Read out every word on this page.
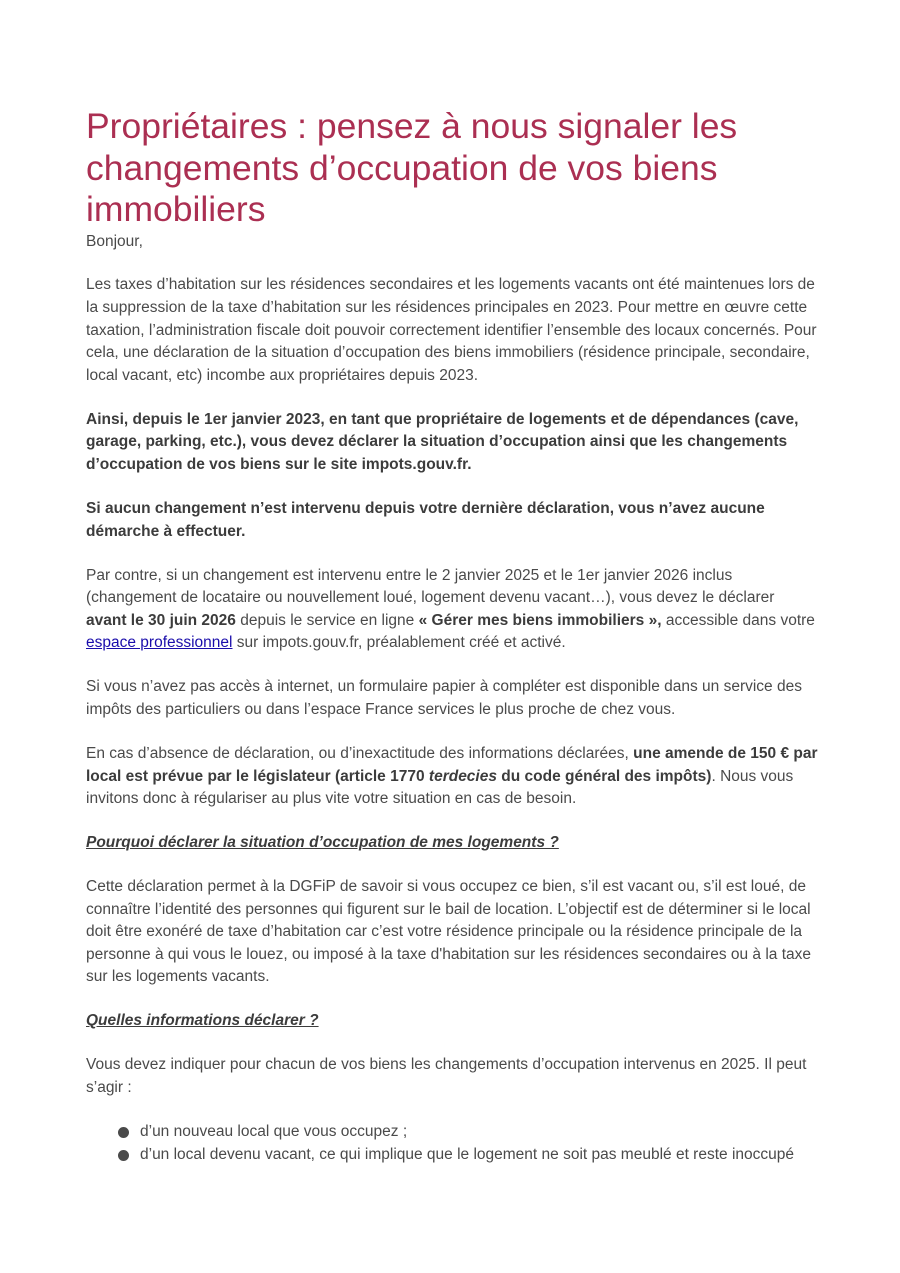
Propriétaires : pensez à nous signaler les changements d’occupation de vos biens immobiliers

Bonjour,

Les taxes d’habitation sur les résidences secondaires et les logements vacants ont été maintenues lors de la suppression de la taxe d’habitation sur les résidences principales en 2023. Pour mettre en œuvre cette taxation, l’administration fiscale doit pouvoir correctement identifier l’ensemble des locaux concernés. Pour cela, une déclaration de la situation d’occupation des biens immobiliers (résidence principale, secondaire, local vacant, etc) incombe aux propriétaires depuis 2023.

Ainsi, depuis le 1er janvier 2023, en tant que propriétaire de logements et de dépendances (cave, garage, parking, etc.), vous devez déclarer la situation d’occupation ainsi que les changements d’occupation de vos biens sur le site impots.gouv.fr.

Si aucun changement n’est intervenu depuis votre dernière déclaration, vous n’avez aucune démarche à effectuer.

Par contre, si un changement est intervenu entre le 2 janvier 2025 et le 1er janvier 2026 inclus (changement de locataire ou nouvellement loué, logement devenu vacant…), vous devez le déclarer avant le 30 juin 2026 depuis le service en ligne « Gérer mes biens immobiliers », accessible dans votre espace professionnel sur impots.gouv.fr, préalablement créé et activé.

Si vous n’avez pas accès à internet, un formulaire papier à compléter est disponible dans un service des impôts des particuliers ou dans l’espace France services le plus proche de chez vous.

En cas d’absence de déclaration, ou d’inexactitude des informations déclarées, une amende de 150 € par local est prévue par le législateur (article 1770 terdecies du code général des impôts). Nous vous invitons donc à régulariser au plus vite votre situation en cas de besoin.

Pourquoi déclarer la situation d’occupation de mes logements ?

Cette déclaration permet à la DGFiP de savoir si vous occupez ce bien, s’il est vacant ou, s’il est loué, de connaître l’identité des personnes qui figurent sur le bail de location. L’objectif est de déterminer si le local doit être exonéré de taxe d’habitation car c’est votre résidence principale ou la résidence principale de la personne à qui vous le louez, ou imposé à la taxe d'habitation sur les résidences secondaires ou à la taxe sur les logements vacants.

Quelles informations déclarer ?

Vous devez indiquer pour chacun de vos biens les changements d’occupation intervenus en 2025. Il peut s’agir :

d’un nouveau local que vous occupez ;
d’un local devenu vacant, ce qui implique que le logement ne soit pas meublé et reste inoccupé
